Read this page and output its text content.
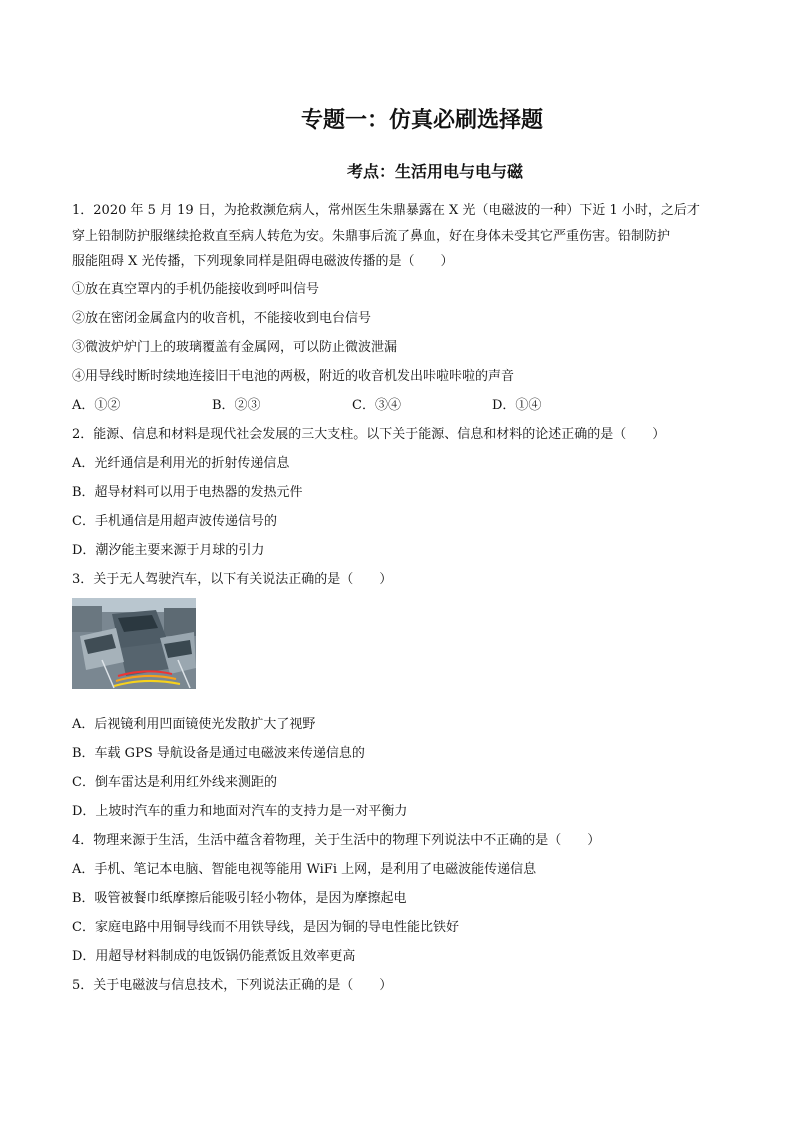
专题一：仿真必刷选择题
考点：生活用电与电与磁
1．2020 年 5 月 19 日，为抢救濒危病人，常州医生朱鼎暴露在 X 光（电磁波的一种）下近 1 小时，之后才
穿上铅制防护服继续抢救直至病人转危为安。朱鼎事后流了鼻血，好在身体未受其它严重伤害。铅制防护
服能阻碍 X 光传播，下列现象同样是阻碍电磁波传播的是（　　）
①放在真空罩内的手机仍能接收到呼叫信号
②放在密闭金属盒内的收音机，不能接收到电台信号
③微波炉炉门上的玻璃覆盖有金属网，可以防止微波泄漏
④用导线时断时续地连接旧干电池的两极，附近的收音机发出咔啦咔啦的声音
A．①②	B．②③	C．③④	D．①④
2．能源、信息和材料是现代社会发展的三大支柱。以下关于能源、信息和材料的论述正确的是（　　）
A．光纤通信是利用光的折射传递信息
B．超导材料可以用于电热器的发热元件
C．手机通信是用超声波传递信号的
D．潮汐能主要来源于月球的引力
3．关于无人驾驶汽车，以下有关说法正确的是（　　）
A．后视镜利用凹面镜使光发散扩大了视野
B．车载 GPS 导航设备是通过电磁波来传递信息的
C．倒车雷达是利用红外线来测距的
D．上坡时汽车的重力和地面对汽车的支持力是一对平衡力
4．物理来源于生活，生活中蕴含着物理，关于生活中的物理下列说法中不正确的是（　　）
A．手机、笔记本电脑、智能电视等能用 WiFi 上网，是利用了电磁波能传递信息
B．吸管被餐巾纸摩擦后能吸引轻小物体，是因为摩擦起电
C．家庭电路中用铜导线而不用铁导线，是因为铜的导电性能比铁好
D．用超导材料制成的电饭锅仍能煮饭且效率更高
5．关于电磁波与信息技术，下列说法正确的是（　　）
